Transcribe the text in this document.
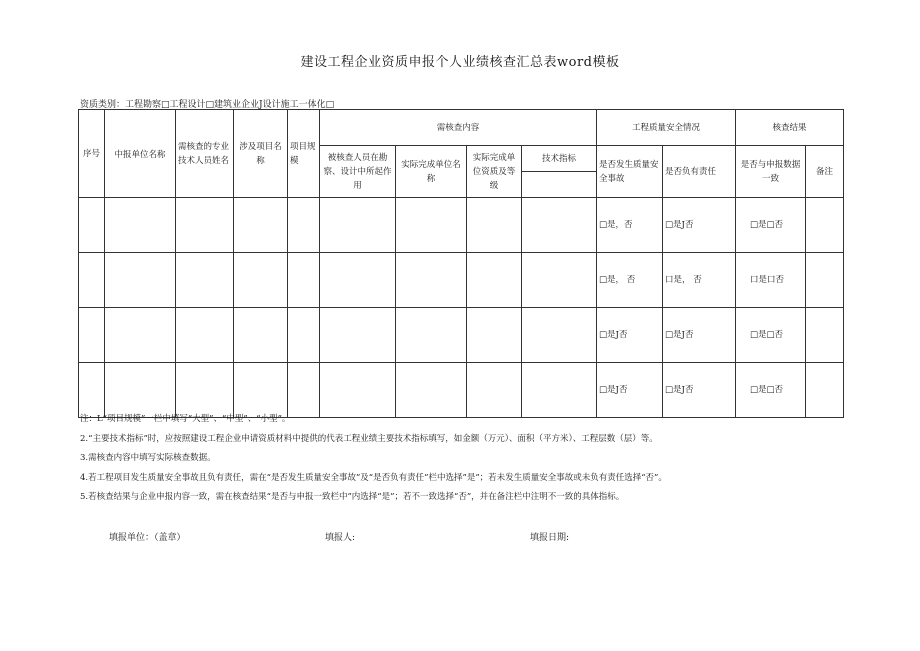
建设工程企业资质申报个人业绩核查汇总表word模板
资质类别：工程勘察□工程设计□建筑业企业J设计施工一体化□
序号	中报单位名称	需核查的专业技术人员姓名	涉及项目名称	项目规模	需核查内容				工程质量安全情况		核查结果	
					被核查人员在勘察、设计中所起作用	实际完成单位名称	实际完成单位资质及等级	技术指标	是否发生质量安全事故	是否负有责任	是否与申报数据一致	备注

									□是，否	□是J否	□是□否	
									□是， 否	口是， 否	口是口否	
									□是J否	□是J否	□是□否	
									□是J否	□是J否	□是□否	
注：L“项目规模”一栏中填写“大型”、“中型”、“小型”。
2.“主要技术指标”时，应按照建设工程企业申请资质材料中提供的代表工程业绩主要技术指标填写，如金额（万元）、面积（平方米）、工程层数（层）等。
3.需核查内容中填写实际核查数据。
4.若工程项目发生质量安全事故且负有责任，需在“是否发生质量安全事故”及“是否负有责任”栏中选择”是”；若未发生质量安全事故或未负有责任选择“否”。
5.若核查结果与企业申报内容一致，需在核查结果“是否与申报一致栏中”内选择“是”；若不一致选择“否”，并在备注栏中注明不一致的具体指标。
填报单位：（盖章）	填报人:	填报日期:
